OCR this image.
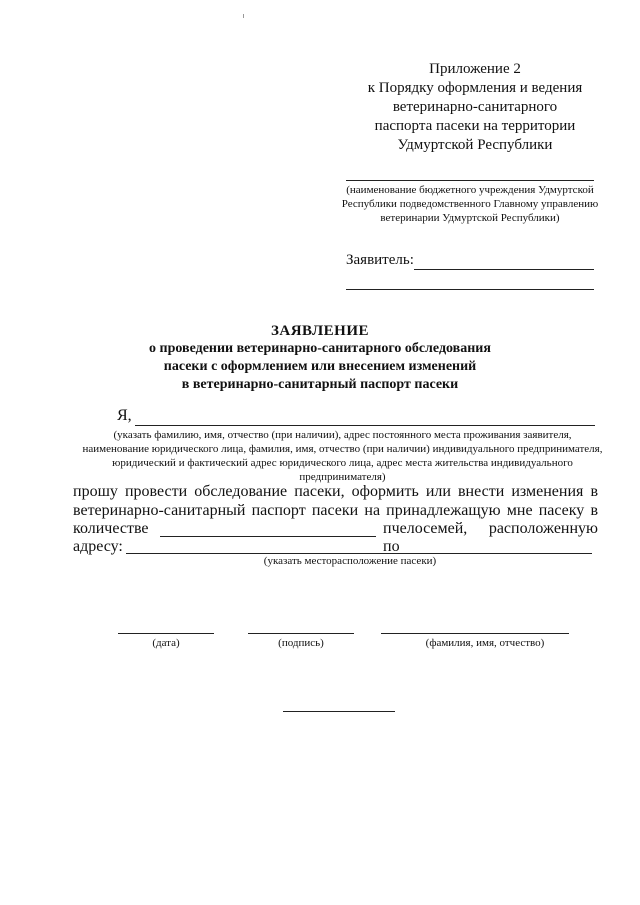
Приложение 2
к Порядку оформления и ведения
ветеринарно-санитарного
паспорта пасеки на территории
Удмуртской Республики
(наименование бюджетного учреждения Удмуртской Республики подведомственного Главному управлению ветеринарии Удмуртской Республики)
Заявитель:
ЗАЯВЛЕНИЕ
о проведении ветеринарно-санитарного обследования
пасеки с оформлением или внесением изменений
в ветеринарно-санитарный паспорт пасеки
Я,
(указать фамилию, имя, отчество (при наличии), адрес постоянного места проживания заявителя, наименование юридического лица, фамилия, имя, отчество (при наличии) индивидуального предпринимателя, юридический и фактический адрес юридического лица, адрес места жительства индивидуального предпринимателя)
прошу провести обследование пасеки, оформить или внести изменения в
ветеринарно-санитарный паспорт пасеки на принадлежащую мне пасеку в
количестве	пчелосемей, расположенную по
адресу:
(указать месторасположение пасеки)
(дата)	(подпись)	(фамилия, имя, отчество)
